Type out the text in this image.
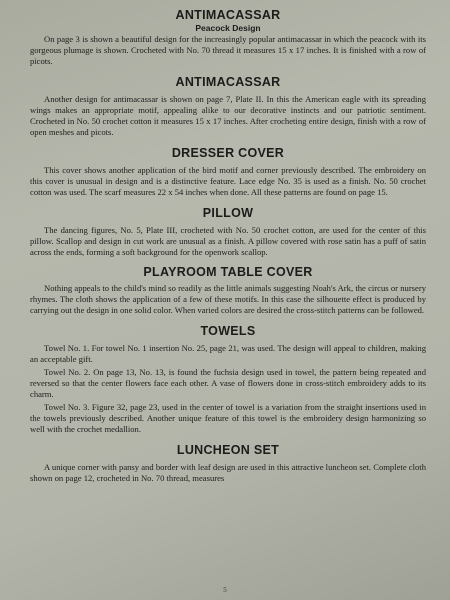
ANTIMACASSAR
Peacock Design

On page 3 is shown a beautiful design for the increasingly popular antimacassar in which the peacock with its gorgeous plumage is shown. Crocheted with No. 70 thread it measures 15 x 17 inches. It is finished with a row of picots.

ANTIMACASSAR

Another design for antimacassar is shown on page 7, Plate II. In this the American eagle with its spreading wings makes an appropriate motif, appealing alike to our decorative instincts and our patriotic sentiment. Crocheted in No. 50 crochet cotton it measures 15 x 17 inches. After crocheting entire design, finish with a row of open meshes and picots.

DRESSER COVER

This cover shows another application of the bird motif and corner previously described. The embroidery on this cover is unusual in design and is a distinctive feature. Lace edge No. 35 is used as a finish. No. 50 crochet cotton was used. The scarf measures 22 x 54 inches when done. All these patterns are found on page 15.

PILLOW

The dancing figures, No. 5, Plate III, crocheted with No. 50 crochet cotton, are used for the center of this pillow. Scallop and design in cut work are unusual as a finish. A pillow covered with rose satin has a puff of satin across the ends, forming a soft background for the openwork scallop.

PLAYROOM TABLE COVER

Nothing appeals to the child's mind so readily as the little animals suggesting Noah's Ark, the circus or nursery rhymes. The cloth shows the application of a few of these motifs. In this case the silhouette effect is produced by carrying out the design in one solid color. When varied colors are desired the cross-stitch patterns can be followed.

TOWELS

Towel No. 1. For towel No. 1 insertion No. 25, page 21, was used. The design will appeal to children, making an acceptable gift.

Towel No. 2. On page 13, No. 13, is found the fuchsia design used in towel, the pattern being repeated and reversed so that the center flowers face each other. A vase of flowers done in cross-stitch embroidery adds to its charm.

Towel No. 3. Figure 32, page 23, used in the center of towel is a variation from the straight insertions used in the towels previously described. Another unique feature of this towel is the embroidery design harmonizing so well with the crochet medallion.

LUNCHEON SET

A unique corner with pansy and border with leaf design are used in this attractive luncheon set. Complete cloth shown on page 12, crocheted in No. 70 thread, measures

5
